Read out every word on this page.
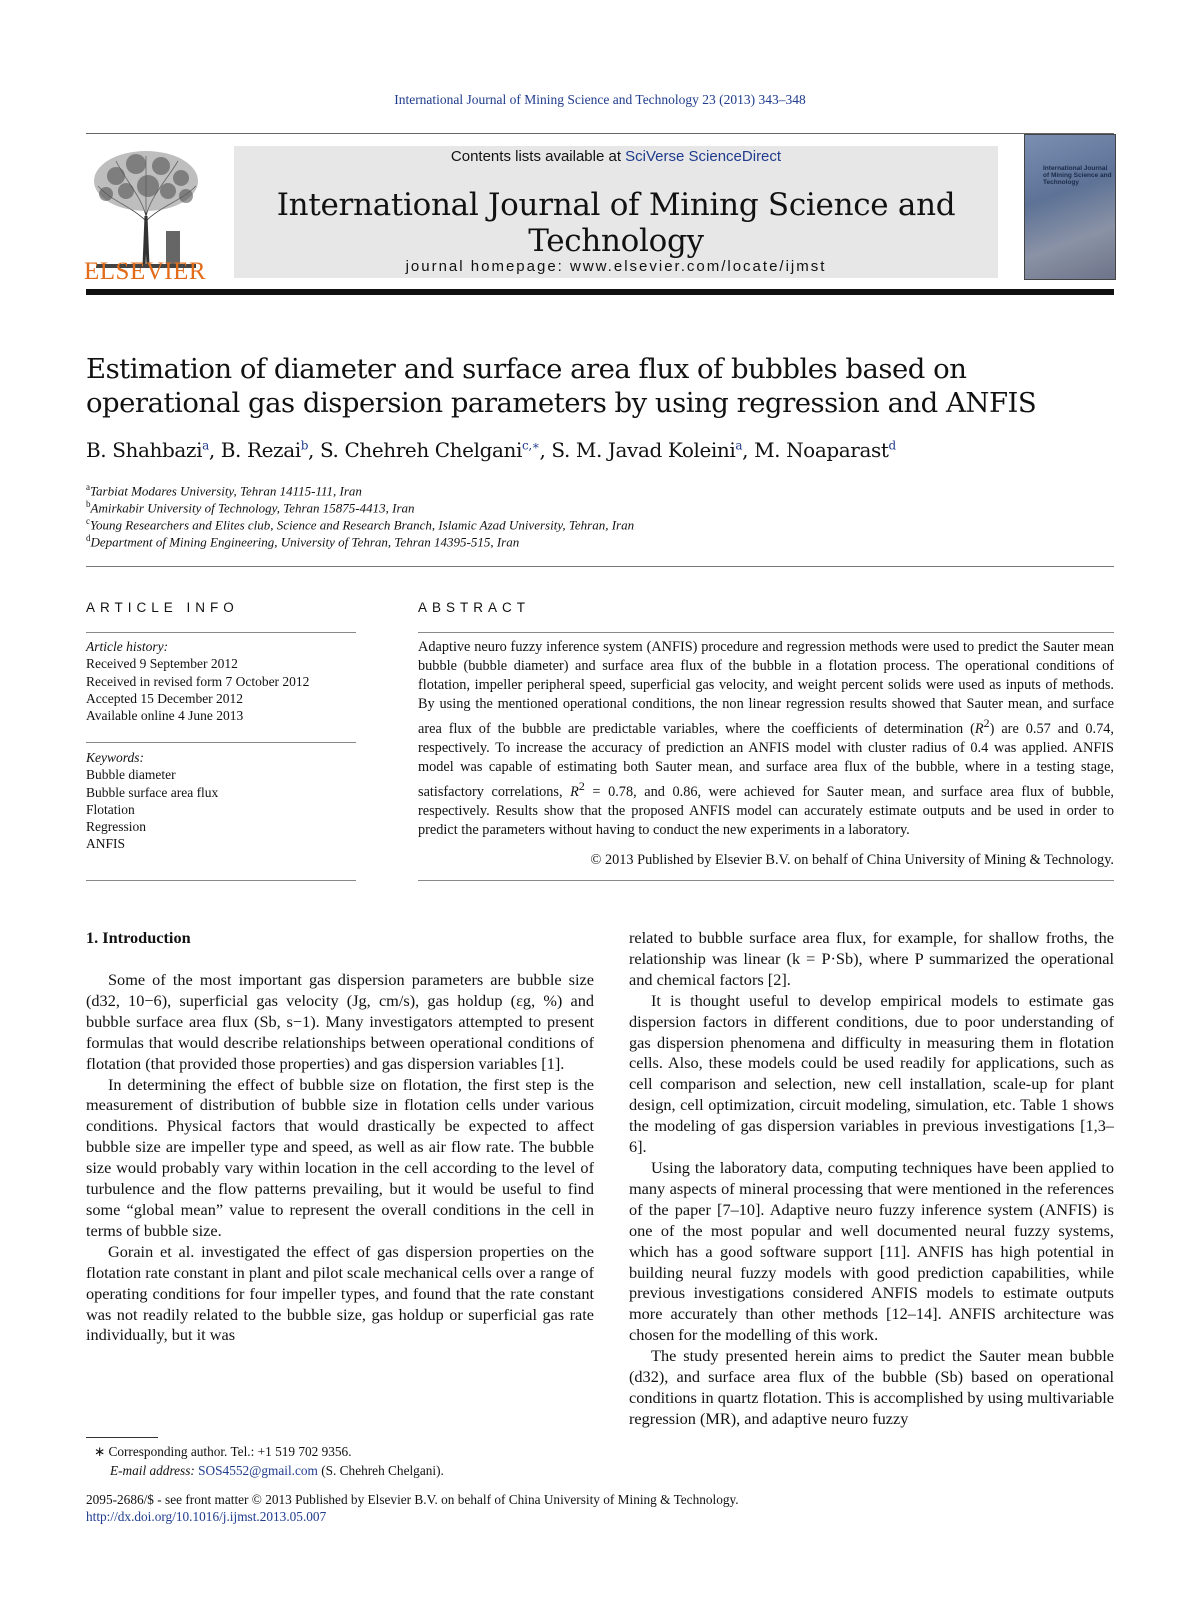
International Journal of Mining Science and Technology 23 (2013) 343–348
ELSEVIER
Contents lists available at SciVerse ScienceDirect
International Journal of Mining Science and Technology
journal homepage: www.elsevier.com/locate/ijmst
International Journal of Mining Science and Technology
Estimation of diameter and surface area flux of bubbles based on
operational gas dispersion parameters by using regression and ANFIS
B. Shahbazi$^a$, B. Rezai$^b$, S. Chehreh Chelgani$^{c,∗}$, S. M. Javad Koleini$^a$, M. Noaparast$^d$
$^a$Tarbiat Modares University, Tehran 14115-111, Iran
$^b$Amirkabir University of Technology, Tehran 15875-4413, Iran
$^c$Young Researchers and Elites club, Science and Research Branch, Islamic Azad University, Tehran, Iran
$^d$Department of Mining Engineering, University of Tehran, Tehran 14395-515, Iran
ARTICLE INFO
Article history:
Received 9 September 2012
Received in revised form 7 October 2012
Accepted 15 December 2012
Available online 4 June 2013
Keywords:
Bubble diameter
Bubble surface area flux
Flotation
Regression
ANFIS
ABSTRACT
Adaptive neuro fuzzy inference system (ANFIS) procedure and regression methods were used to predict the Sauter mean bubble (bubble diameter) and surface area flux of the bubble in a flotation process. The operational conditions of flotation, impeller peripheral speed, superficial gas velocity, and weight percent solids were used as inputs of methods. By using the mentioned operational conditions, the non linear regression results showed that Sauter mean, and surface area flux of the bubble are predictable variables, where the coefficients of determination $(R^2)$ are 0.57 and 0.74, respectively. To increase the accuracy of prediction an ANFIS model with cluster radius of 0.4 was applied. ANFIS model was capable of estimating both Sauter mean, and surface area flux of the bubble, where in a testing stage, satisfactory correlations, $R^2 = 0.78$, and 0.86, were achieved for Sauter mean, and surface area flux of bubble, respectively. Results show that the proposed ANFIS model can accurately estimate outputs and be used in order to predict the parameters without having to conduct the new experiments in a laboratory.
© 2013 Published by Elsevier B.V. on behalf of China University of Mining & Technology.
1. Introduction

Some of the most important gas dispersion parameters are bubble size (d32, 10−6), superficial gas velocity (Jg, cm/s), gas holdup (εg, %) and bubble surface area flux (Sb, s−1). Many investigators attempted to present formulas that would describe relationships between operational conditions of flotation (that provided those properties) and gas dispersion variables [1].

In determining the effect of bubble size on flotation, the first step is the measurement of distribution of bubble size in flotation cells under various conditions. Physical factors that would drastically be expected to affect bubble size are impeller type and speed, as well as air flow rate. The bubble size would probably vary within location in the cell according to the level of turbulence and the flow patterns prevailing, but it would be useful to find some “global mean” value to represent the overall conditions in the cell in terms of bubble size.

Gorain et al. investigated the effect of gas dispersion properties on the flotation rate constant in plant and pilot scale mechanical cells over a range of operating conditions for four impeller types, and found that the rate constant was not readily related to the bubble size, gas holdup or superficial gas rate individually, but it was

related to bubble surface area flux, for example, for shallow froths, the relationship was linear (k = P·Sb), where P summarized the operational and chemical factors [2].

It is thought useful to develop empirical models to estimate gas dispersion factors in different conditions, due to poor understanding of gas dispersion phenomena and difficulty in measuring them in flotation cells. Also, these models could be used readily for applications, such as cell comparison and selection, new cell installation, scale-up for plant design, cell optimization, circuit modeling, simulation, etc. Table 1 shows the modeling of gas dispersion variables in previous investigations [1,3–6].

Using the laboratory data, computing techniques have been applied to many aspects of mineral processing that were mentioned in the references of the paper [7–10]. Adaptive neuro fuzzy inference system (ANFIS) is one of the most popular and well documented neural fuzzy systems, which has a good software support [11]. ANFIS has high potential in building neural fuzzy models with good prediction capabilities, while previous investigations considered ANFIS models to estimate outputs more accurately than other methods [12–14]. ANFIS architecture was chosen for the modelling of this work.

The study presented herein aims to predict the Sauter mean bubble (d32), and surface area flux of the bubble (Sb) based on operational conditions in quartz flotation. This is accomplished by using multivariable regression (MR), and adaptive neuro fuzzy

∗ Corresponding author. Tel.: +1 519 702 9356.
E-mail address: SOS4552@gmail.com (S. Chehreh Chelgani).
2095-2686/$ - see front matter © 2013 Published by Elsevier B.V. on behalf of China University of Mining & Technology.
http://dx.doi.org/10.1016/j.ijmst.2013.05.007
